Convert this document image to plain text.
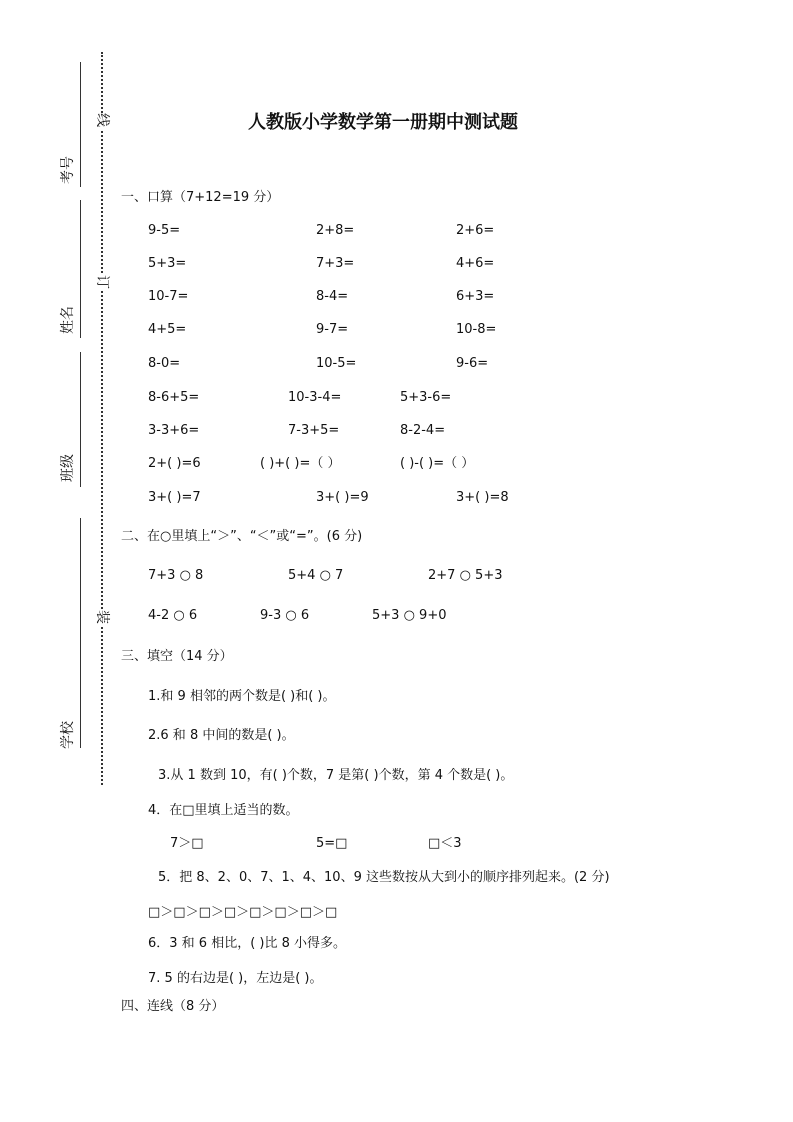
考号
姓名
班级
学校
线
订
装
人教版小学数学第一册期中测试题
一、口算（7+12=19 分）
9-5=	2+8=	2+6=
5+3=	7+3=	4+6=
10-7=	8-4=	6+3=
4+5=	9-7=	10-8=
8-0=	10-5=	9-6=
8-6+5=	10-3-4=	5+3-6=
3-3+6=	7-3+5=	8-2-4=
2+( )=6	( )+( )=（ ）	( )-( )=（ ）
3+( )=7	3+( )=9	3+( )=8
二、在○里填上“＞”、“＜”或“=”。(6 分)
7+3 ○ 8	5+4 ○ 7	2+7 ○ 5+3
4-2 ○ 6	9-3 ○ 6	5+3 ○ 9+0
三、填空（14 分）
1.和 9 相邻的两个数是( )和( )。
2.6 和 8 中间的数是( )。
3.从 1 数到 10，有( )个数，7 是第( )个数，第 4 个数是( )。
4．在□里填上适当的数。
7＞□	5=□	□＜3
5．把 8、2、0、7、1、4、10、9 这些数按从大到小的顺序排列起来。(2 分)
□＞□＞□＞□＞□＞□＞□＞□
6．3 和 6 相比，( )比 8 小得多。
7. 5 的右边是( )，左边是( )。
四、连线（8 分）
